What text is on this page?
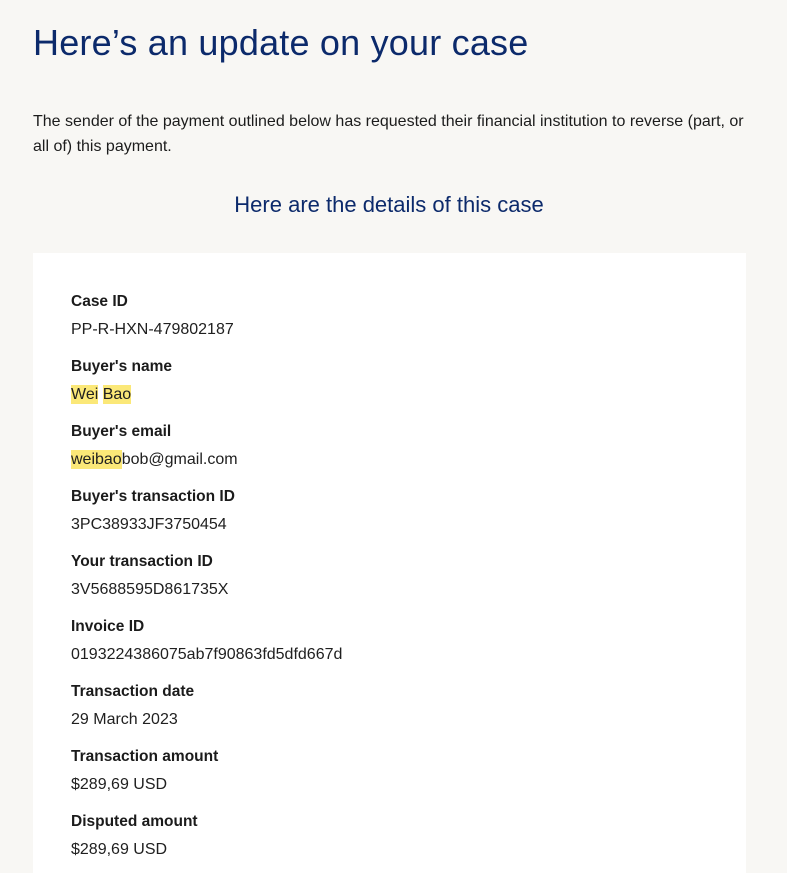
Here’s an update on your case

The sender of the payment outlined below has requested their financial institution to reverse (part, or all of) this payment.

Here are the details of this case
Case ID
PP-R-HXN-479802187
Buyer's name
Wei Bao
Buyer's email
weibaobob@gmail.com
Buyer's transaction ID
3PC38933JF3750454
Your transaction ID
3V5688595D861735X
Invoice ID
0193224386075ab7f90863fd5dfd667d
Transaction date
29 March 2023
Transaction amount
$289,69 USD
Disputed amount
$289,69 USD
